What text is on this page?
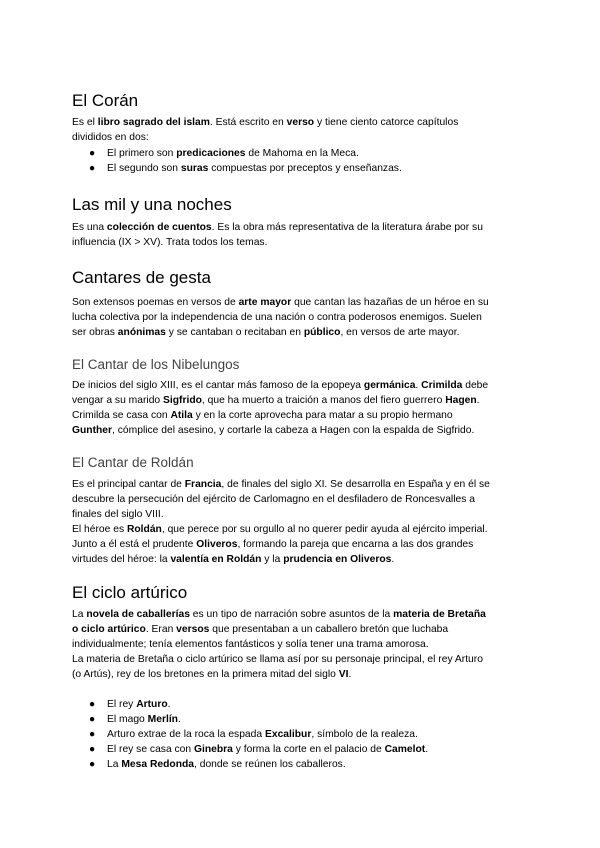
El Corán
Es el libro sagrado del islam. Está escrito en verso y tiene ciento catorce capítulos
divididos en dos:
● El primero son predicaciones de Mahoma en la Meca.
● El segundo son suras compuestas por preceptos y enseñanzas.
Las mil y una noches
Es una colección de cuentos. Es la obra más representativa de la literatura árabe por su
influencia (IX > XV). Trata todos los temas.
Cantares de gesta
Son extensos poemas en versos de arte mayor que cantan las hazañas de un héroe en su
lucha colectiva por la independencia de una nación o contra poderosos enemigos. Suelen
ser obras anónimas y se cantaban o recitaban en público, en versos de arte mayor.
El Cantar de los Nibelungos
De inicios del siglo XIII, es el cantar más famoso de la epopeya germánica. Crimilda debe
vengar a su marido Sigfrido, que ha muerto a traición a manos del fiero guerrero Hagen.
Crimilda se casa con Atila y en la corte aprovecha para matar a su propio hermano
Gunther, cómplice del asesino, y cortarle la cabeza a Hagen con la espalda de Sigfrido.
El Cantar de Roldán
Es el principal cantar de Francia, de finales del siglo XI. Se desarrolla en España y en él se
descubre la persecución del ejército de Carlomagno en el desfiladero de Roncesvalles a
finales del siglo VIII.
El héroe es Roldán, que perece por su orgullo al no querer pedir ayuda al ejército imperial.
Junto a él está el prudente Oliveros, formando la pareja que encarna a las dos grandes
virtudes del héroe: la valentía en Roldán y la prudencia en Oliveros.
El ciclo artúrico
La novela de caballerías es un tipo de narración sobre asuntos de la materia de Bretaña
o ciclo artúrico. Eran versos que presentaban a un caballero bretón que luchaba
individualmente; tenía elementos fantásticos y solía tener una trama amorosa.
La materia de Bretaña o ciclo artúrico se llama así por su personaje principal, el rey Arturo
(o Artús), rey de los bretones en la primera mitad del siglo VI.
● El rey Arturo.
● El mago Merlín.
● Arturo extrae de la roca la espada Excalibur, símbolo de la realeza.
● El rey se casa con Ginebra y forma la corte en el palacio de Camelot.
● La Mesa Redonda, donde se reúnen los caballeros.
